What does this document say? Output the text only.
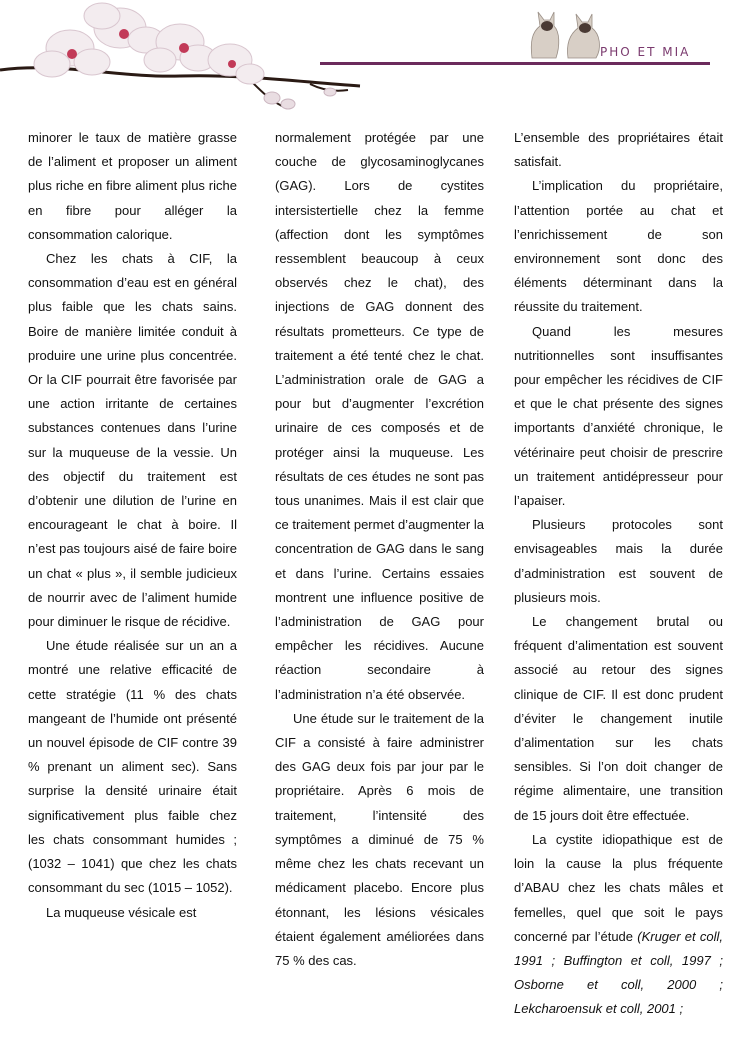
PHO ET MIA

minorer le taux de matière grasse de l’aliment et proposer un aliment plus riche en fibre aliment plus riche en fibre pour alléger la consommation calorique.

Chez les chats à CIF, la consommation d’eau est en général plus faible que les chats sains. Boire de manière limitée conduit à produire une urine plus concentrée. Or la CIF pourrait être favorisée par une action irritante de certaines substances contenues dans l’urine sur la muqueuse de la vessie. Un des objectif du traitement est d’obtenir une dilution de l’urine en encourageant le chat à boire. Il n’est pas toujours aisé de faire boire un chat « plus », il semble judicieux de nourrir avec de l’aliment humide pour diminuer le risque de récidive.

Une étude réalisée sur un an a montré une relative efficacité de cette stratégie (11 % des chats mangeant de l’humide ont présenté un nouvel épisode de CIF contre 39 % prenant un aliment sec). Sans surprise la densité urinaire était significativement plus faible chez les chats consommant humides ; (1032 – 1041) que chez les chats consommant du sec (1015 – 1052).

La muqueuse vésicale est

normalement protégée par une couche de glycosaminoglycanes (GAG). Lors de cystites intersistertielle chez la femme (affection dont les symptômes ressemblent beaucoup à ceux observés chez le chat), des injections de GAG donnent des résultats prometteurs. Ce type de traitement a été tenté chez le chat. L’administration orale de GAG a pour but d’augmenter l’excrétion urinaire de ces composés et de protéger ainsi la muqueuse. Les résultats de ces études ne sont pas tous unanimes. Mais il est clair que ce traitement permet d’augmenter la concentration de GAG dans le sang et dans l’urine. Certains essaies montrent une influence positive de l’administration de GAG pour empêcher les récidives. Aucune réaction secondaire à l’administration n’a été observée.

Une étude sur le traitement de la CIF a consisté à faire administrer des GAG deux fois par jour par le propriétaire. Après 6 mois de traitement, l’intensité des symptômes a diminué de 75 % même chez les chats recevant un médicament placebo. Encore plus étonnant, les lésions vésicales étaient également améliorées dans 75 % des cas.

L’ensemble des propriétaires était satisfait.

L’implication du propriétaire, l’attention portée au chat et l’enrichissement de son environnement sont donc des éléments déterminant dans la réussite du traitement.

Quand les mesures nutritionnelles sont insuffisantes pour empêcher les récidives de CIF et que le chat présente des signes importants d’anxiété chronique, le vétérinaire peut choisir de prescrire un traitement antidépresseur pour l’apaiser.

Plusieurs protocoles sont envisageables mais la durée d’administration est souvent de plusieurs mois.

Le changement brutal ou fréquent d’alimentation est souvent associé au retour des signes clinique de CIF. Il est donc prudent d’éviter le changement inutile d’alimentation sur les chats sensibles. Si l’on doit changer de régime alimentaire, une transition de 15 jours doit être effectuée.

La cystite idiopathique est de loin la cause la plus fréquente d’ABAU chez les chats mâles et femelles, quel que soit le pays concerné par l’étude (Kruger et coll, 1991 ; Buffington et coll, 1997 ; Osborne et coll, 2000 ; Lekcharoensuk et coll, 2001 ;
